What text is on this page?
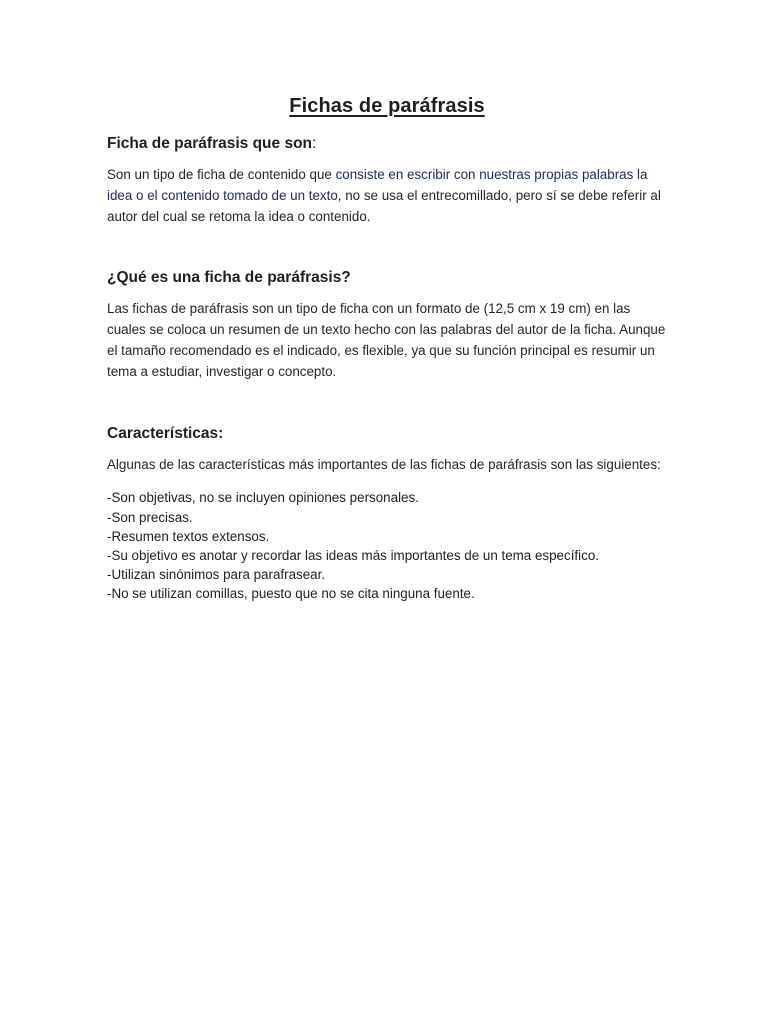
Fichas de paráfrasis
Ficha de paráfrasis que son:

Son un tipo de ficha de contenido que consiste en escribir con nuestras propias palabras la idea o el contenido tomado de un texto, no se usa el entrecomillado, pero sí se debe referir al autor del cual se retoma la idea o contenido.

¿Qué es una ficha de paráfrasis?

Las fichas de paráfrasis son un tipo de ficha con un formato de (12,5 cm x 19 cm) en las cuales se coloca un resumen de un texto hecho con las palabras del autor de la ficha. Aunque el tamaño recomendado es el indicado, es flexible, ya que su función principal es resumir un tema a estudiar, investigar o concepto.

Características:

Algunas de las características más importantes de las fichas de paráfrasis son las siguientes:

-Son objetivas, no se incluyen opiniones personales.
-Son precisas.
-Resumen textos extensos.
-Su objetivo es anotar y recordar las ideas más importantes de un tema específico.
-Utilizan sinónimos para parafrasear.
-No se utilizan comillas, puesto que no se cita ninguna fuente.
